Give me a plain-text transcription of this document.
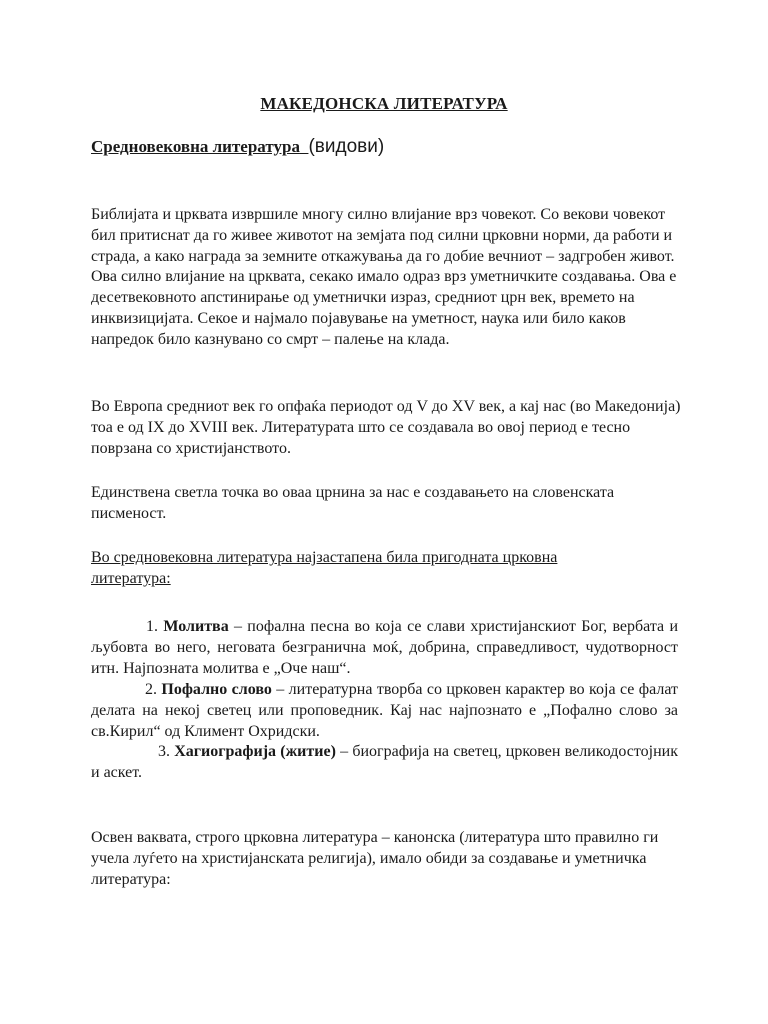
МАКЕДОНСКА ЛИТЕРАТУРА
Средновековна литература (видови)

Библијата и црквата извршиле многу силно влијание врз човекот. Со векови човекот бил притиснат да го живее животот на земјата под силни црковни норми, да работи и страда, а како награда за земните откажувања да го добие вечниот – задгробен живот. Ова силно влијание на црквата, секако имало одраз врз уметничките создавања. Ова е десетвековното апстинирање од уметнички израз, средниот црн век, времето на инквизицијата. Секое и најмало појавување на уметност, наука или било каков напредок било казнувано со смрт – палење на клада.

Во Европа средниот век го опфаќа периодот од V до XV век, а кај нас (во Македонија) тоа е од IX до XVIII век. Литературата што се создавала во овој период е тесно поврзана со христијанството.

Единствена светла точка во оваа црнина за нас е создавањето на словенската писменост.

Во средновековна литература најзастапена била пригодната црковна литература:

1. Молитва – пофална песна во која се слави христијанскиот Бог, вербата и љубовта во него, неговата безгранична моќ, добрина, справедливост, чудотворност итн. Најпозната молитва е „Оче наш“.

2. Пофално слово – литературна творба со црковен карактер во која се фалат делата на некој светец или проповедник. Кај нас најпознато е „Пофално слово за св.Кирил“ од Климент Охридски.

3. Хагиографија (житие) – биографија на светец, црковен великодостојник и аскет.

Освен ваквата, строго црковна литература – канонска (литература што правилно ги учела луѓето на христијанската религија), имало обиди за создавање и уметничка литература:
